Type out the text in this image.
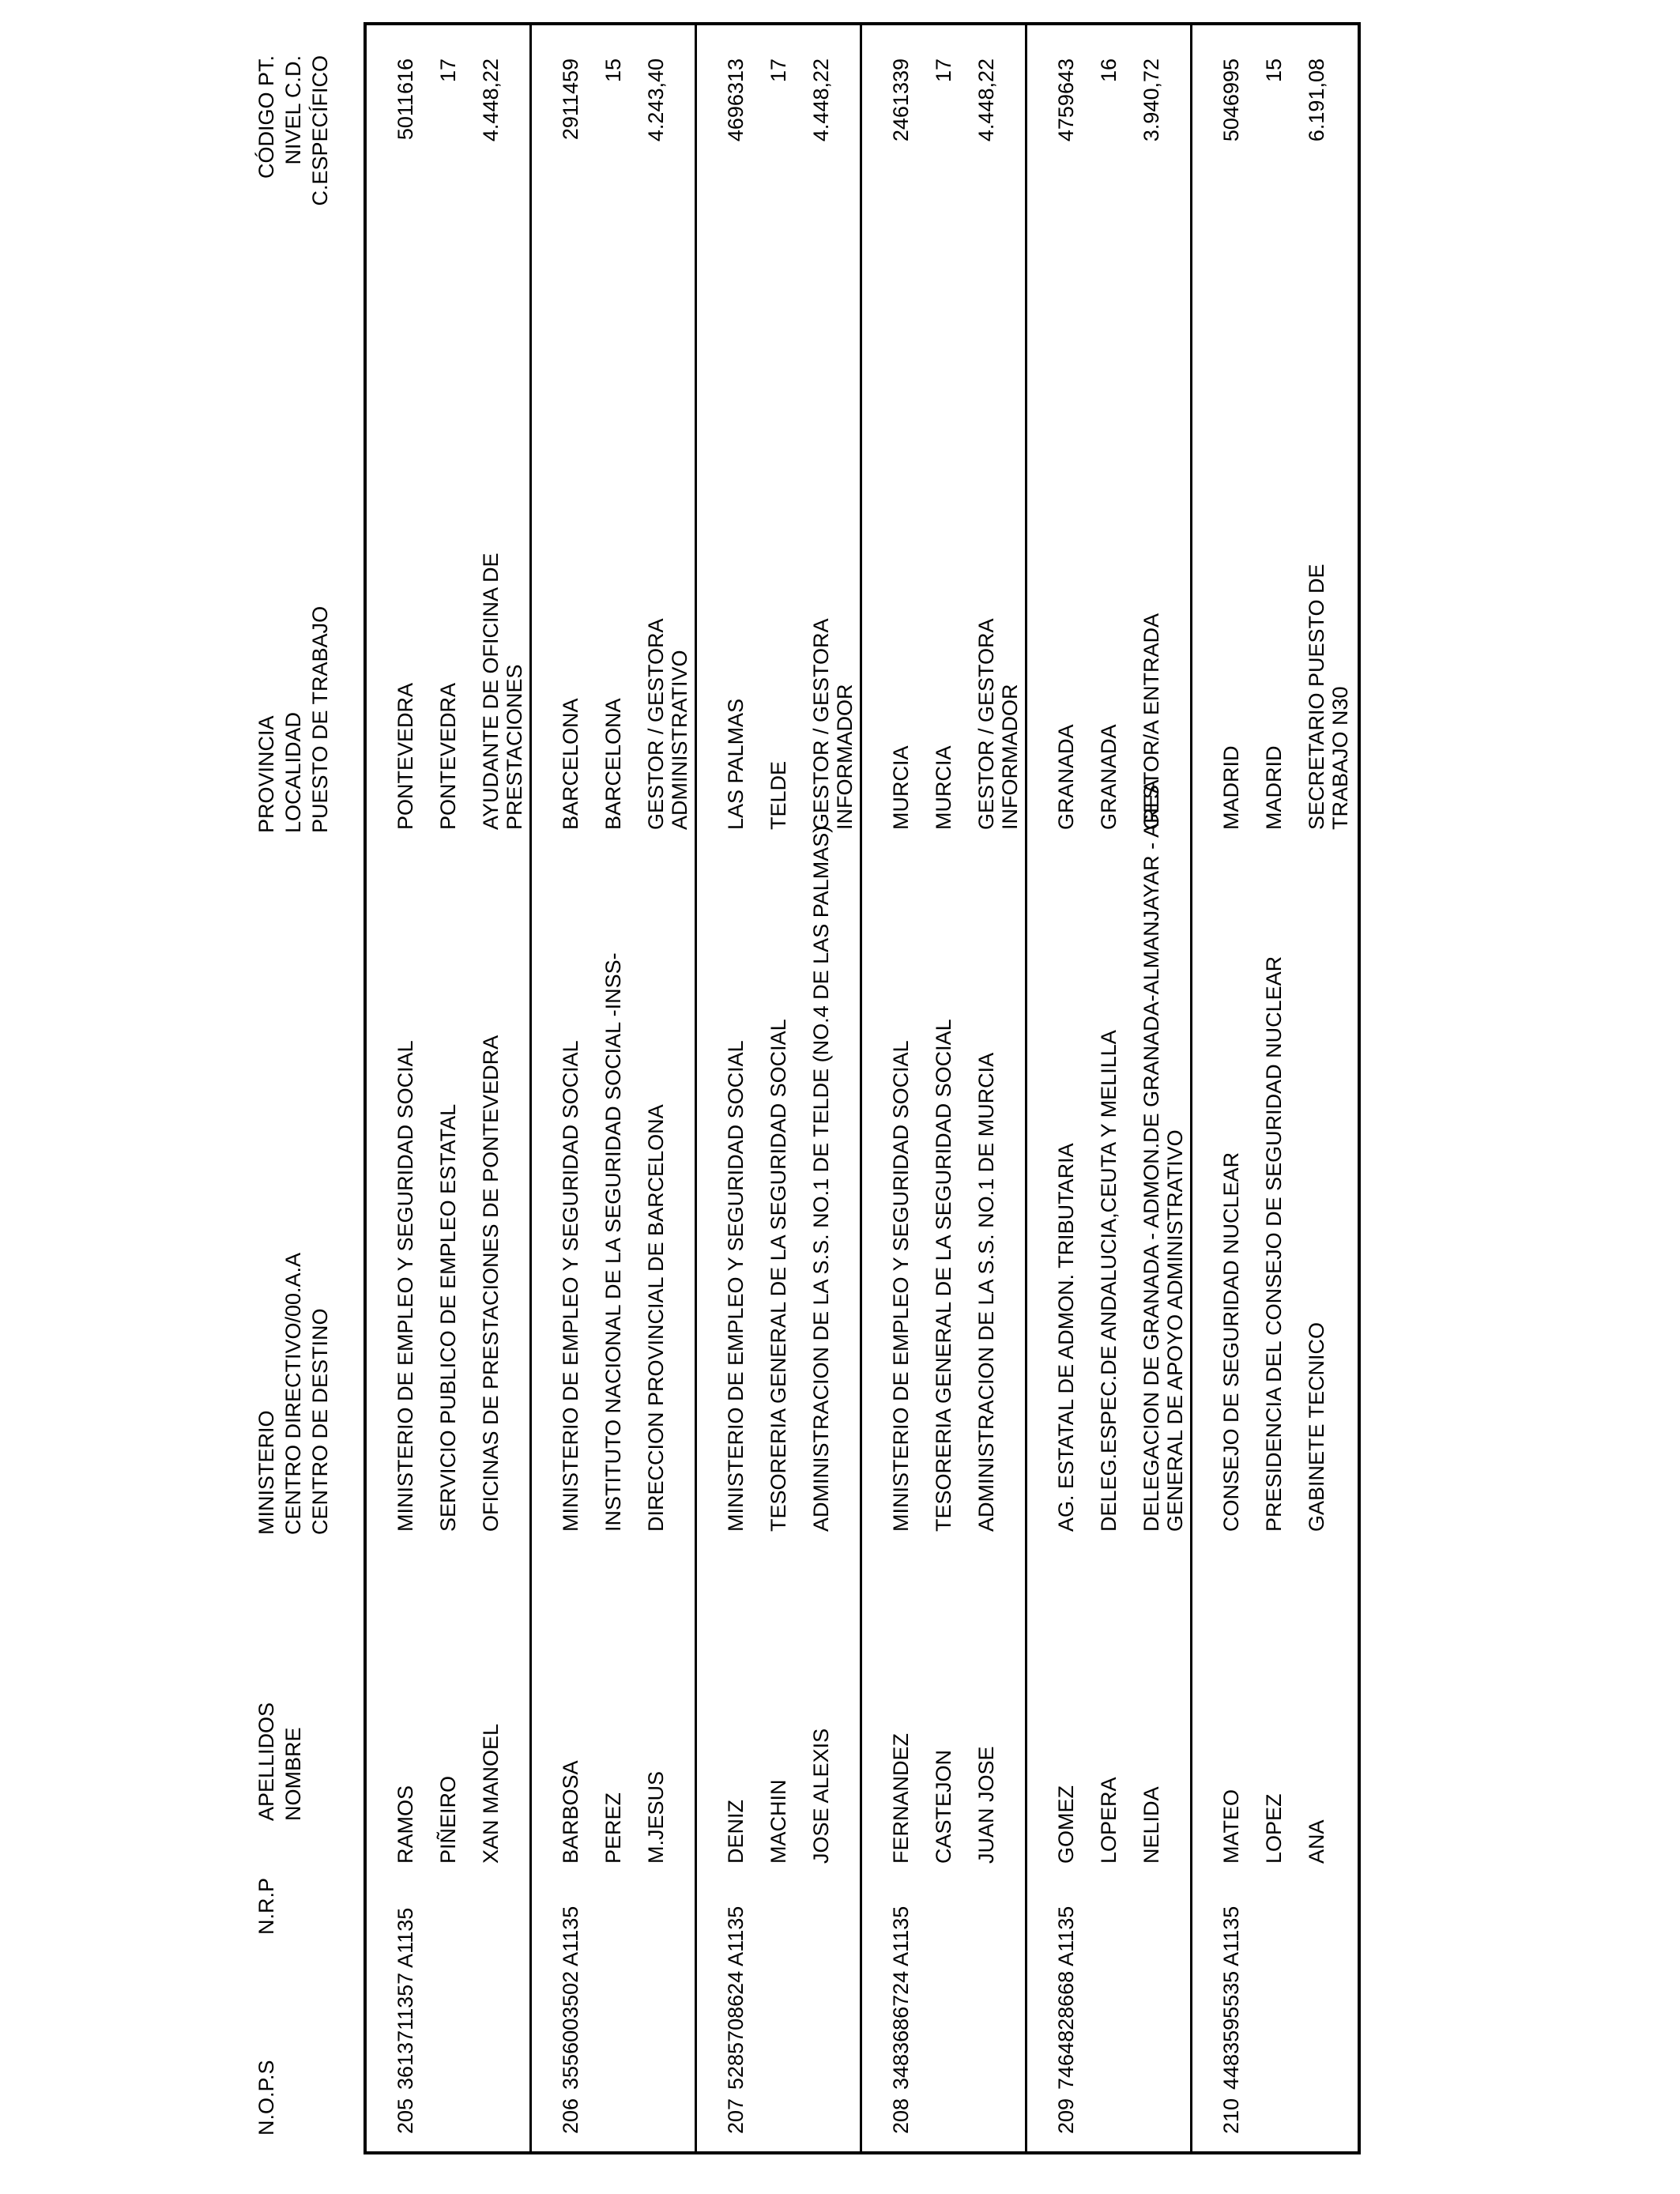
N.O.P.S
N.R.P
APELLIDOS NOMBRE
MINISTERIO CENTRO DIRECTIVO/00.A.A CENTRO DE DESTINO
PROVINCIA LOCALIDAD PUESTO DE TRABAJO
CÓDIGO PT. NIVEL C.D. C.ESPECÍFICO
205
3613711357 A1135
RAMOS
MINISTERIO DE EMPLEO Y SEGURIDAD SOCIAL
PONTEVEDRA
5011616
PIÑEIRO
SERVICIO PUBLICO DE EMPLEO ESTATAL
PONTEVEDRA
17
XAN MANOEL
OFICINAS DE PRESTACIONES DE PONTEVEDRA
AYUDANTE DE OFICINA DE PRESTACIONES
4.448,22
206
3556003502 A1135
BARBOSA
MINISTERIO DE EMPLEO Y SEGURIDAD SOCIAL
BARCELONA
2911459
PEREZ
INSTITUTO NACIONAL DE LA SEGURIDAD SOCIAL -INSS-
BARCELONA
15
M.JESUS
DIRECCION PROVINCIAL DE BARCELONA
GESTOR / GESTORA ADMINISTRATIVO
4.243,40
207
5285708624 A1135
DENIZ
MINISTERIO DE EMPLEO Y SEGURIDAD SOCIAL
LAS PALMAS
4696313
MACHIN
TESORERIA GENERAL DE LA SEGURIDAD SOCIAL
TELDE
17
JOSE ALEXIS
ADMINISTRACION DE LA S.S. NO.1 DE TELDE (NO.4 DE LAS PALMAS)
GESTOR / GESTORA INFORMADOR
4.448,22
208
3483686724 A1135
FERNANDEZ
MINISTERIO DE EMPLEO Y SEGURIDAD SOCIAL
MURCIA
2461339
CASTEJON
TESORERIA GENERAL DE LA SEGURIDAD SOCIAL
MURCIA
17
JUAN JOSE
ADMINISTRACION DE LA S.S. NO.1 DE MURCIA
GESTOR / GESTORA INFORMADOR
4.448,22
209
7464828668 A1135
GOMEZ
AG. ESTATAL DE ADMON. TRIBUTARIA
GRANADA
4759643
LOPERA
DELEG.ESPEC.DE ANDALUCIA,CEUTA Y MELILLA
GRANADA
16
NELIDA
DELEGACION DE GRANADA - ADMON.DE GRANADA-ALMANJAYAR - AREA GENERAL DE APOYO ADMINISTRATIVO
GESTOR/A ENTRADA
3.940,72
210
4483595535 A1135
MATEO
CONSEJO DE SEGURIDAD NUCLEAR
MADRID
5046995
LOPEZ
PRESIDENCIA DEL CONSEJO DE SEGURIDAD NUCLEAR
MADRID
15
ANA
GABINETE TECNICO
SECRETARIO PUESTO DE TRABAJO N30
6.191,08
